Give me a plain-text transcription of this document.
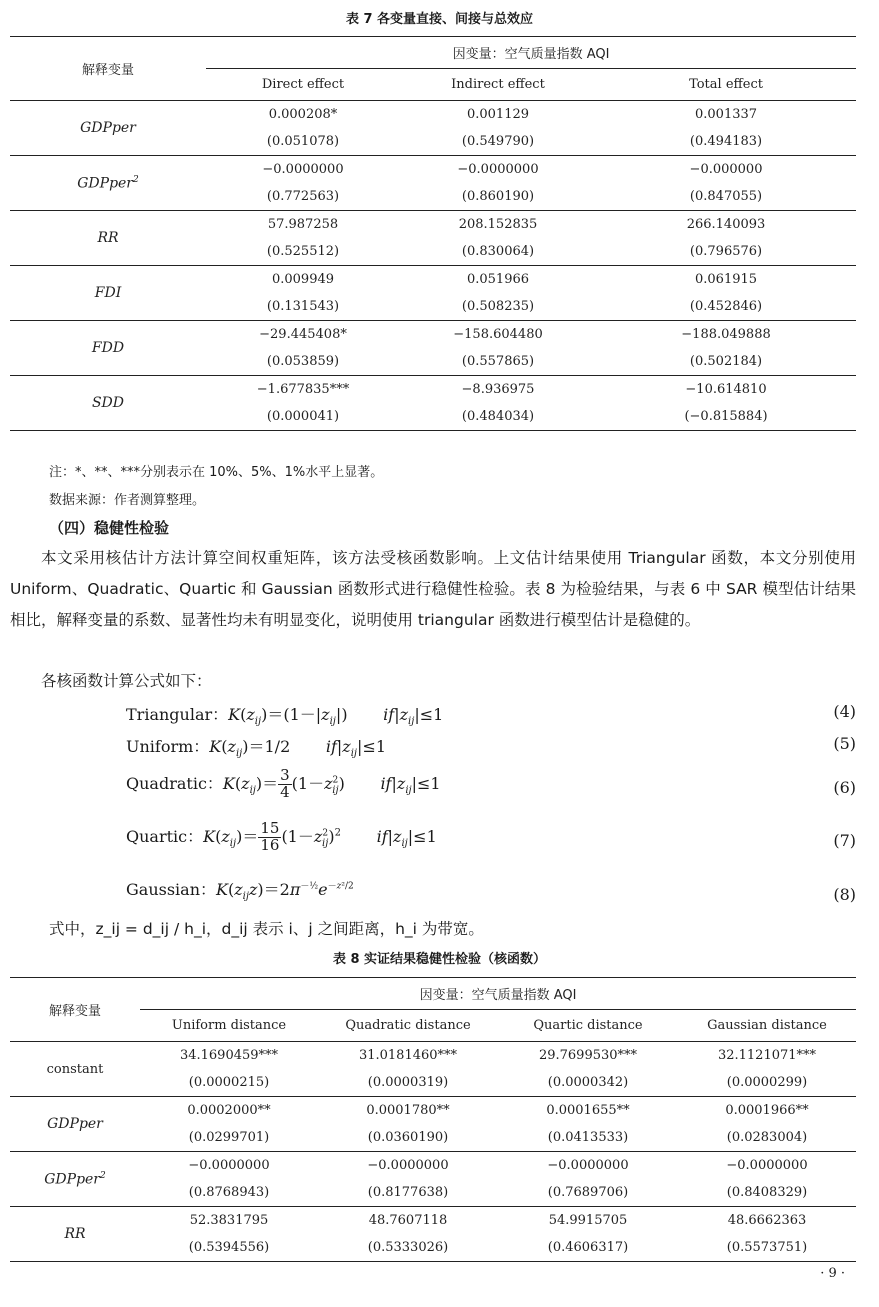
表 7 各变量直接、间接与总效应
解释变量	因变量：空气质量指数 AQI		
	Direct effect	Indirect effect	Total effect
GDPper	0.000208*	0.001129	0.001337
	(0.051078)	(0.549790)	(0.494183)
GDPper$^2$	−0.0000000	−0.0000000	−0.000000
	(0.772563)	(0.860190)	(0.847055)
RR	57.987258	208.152835	266.140093
	(0.525512)	(0.830064)	(0.796576)
FDI	0.009949	0.051966	0.061915
	(0.131543)	(0.508235)	(0.452846)
FDD	−29.445408*	−158.604480	−188.049888
	(0.053859)	(0.557865)	(0.502184)
SDD	−1.677835***	−8.936975	−10.614810
	(0.000041)	(0.484034)	(−0.815884)
注：*、**、***分别表示在 10%、5%、1%水平上显著。
数据来源：作者测算整理。
（四）稳健性检验

本文采用核估计方法计算空间权重矩阵，该方法受核函数影响。上文估计结果使用 Triangular 函数，本文分别使用 Uniform、Quadratic、Quartic 和 Gaussian 函数形式进行稳健性检验。表 8 为检验结果，与表 6 中 SAR 模型估计结果相比，解释变量的系数、显著性均未有明显变化，说明使用 triangular 函数进行模型估计是稳健的。

各核函数计算公式如下：

Triangular：$K(z_{ij})=(1-|z_{ij}|)$       $if|z_{ij}|\le 1$	(4)
Uniform：$K(z_{ij})=1/2$       $if|z_{ij}|\le 1$	(5)
Quadratic：$K(z_{ij})= \frac{3}{4} (1-z^2_{ij})$       $if|z_{ij}|\le 1$	(6)
Quartic：$K(z_{ij})= \frac{15}{16} (1-z^2_{ij})^2$ $if|z_{ij}|\le 1$	(7)
Gaussian：$K(z_{ij}z)=2\pi^{-\frac{1}{2}}e^{-z^2/2}$	(8)
式中，z_ij = d_ij / h_i，d_ij 表示 i、j 之间距离，h_i 为带宽。
表 8 实证结果稳健性检验（核函数）
解释变量	因变量：空气质量指数 AQI			
	Uniform distance	Quadratic distance	Quartic distance	Gaussian distance
constant	34.1690459***	31.0181460***	29.7699530***	32.1121071***
	(0.0000215)	(0.0000319)	(0.0000342)	(0.0000299)
GDPper	0.0002000**	0.0001780**	0.0001655**	0.0001966**
	(0.0299701)	(0.0360190)	(0.0413533)	(0.0283004)
GDPper$^2$	−0.0000000	−0.0000000	−0.0000000	−0.0000000
	(0.8768943)	(0.8177638)	(0.7689706)	(0.8408329)
RR	52.3831795	48.7607118	54.9915705	48.6662363
	(0.5394556)	(0.5333026)	(0.4606317)	(0.5573751)
· 9 ·
